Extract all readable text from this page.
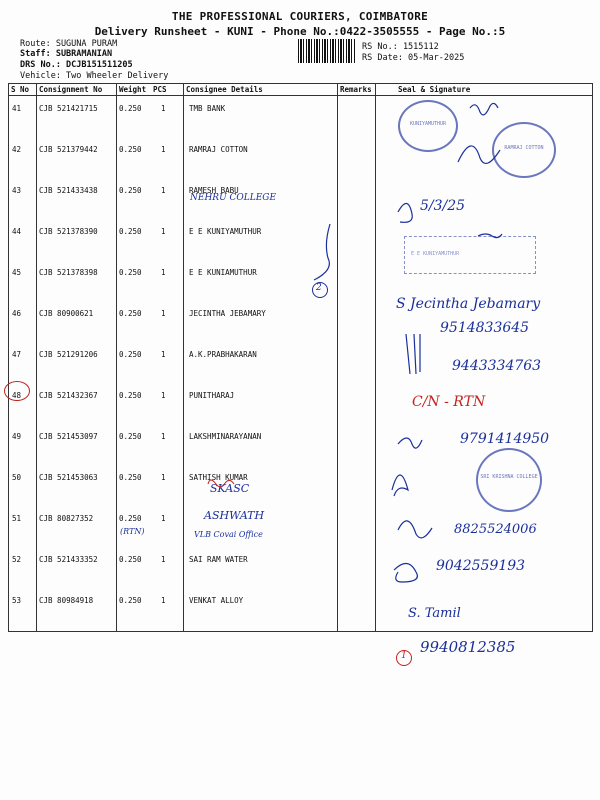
THE PROFESSIONAL COURIERS, COIMBATORE
Delivery Runsheet - KUNI - Phone No.:0422-3505555 - Page No.:5
Route: SUGUNA PURAM
Staff: SUBRAMANIAN
DRS No.: DCJB151511205
Vehicle: Two Wheeler Delivery
RS No.: 1515112
RS Date: 05-Mar-2025
S No Consignment No Weight PCS	Consignee Details	Remarks	Seal & Signature
41 CJB 521421715	0.250	1	TMB BANK
42 CJB 521379442	0.250	1	RAMRAJ COTTON
43 CJB 521433438	0.250	1	RAMESH BABU
44 CJB 521378390	0.250	1	E E KUNIYAMUTHUR
45 CJB 521378398	0.250	1	E E KUNIAMUTHUR
46 CJB 80900621	0.250	1	JECINTHA JEBAMARY
47 CJB 521291206	0.250	1	A.K.PRABHAKARAN
48 CJB 521432367	0.250	1	PUNITHARAJ
49 CJB 521453097	0.250	1	LAKSHMINARAYANAN
50 CJB 521453063	0.250	1	SATHISH KUMAR
51 CJB 80827352	0.250	1
52 CJB 521433352	0.250	1	SAI RAM WATER
53 CJB 80984918	0.250	1	VENKAT ALLOY
KUNIYAMUTHUR
RAMRAJ COTTON
SRI KRISHNA COLLEGE
E E KUNIYAMUTHUR
NEHRU COLLEGE	5/3/25
2
S Jecintha Jebamary
9514833645
9443334763
C/N - RTN
9791414950
SKASC
(RTN)
ASHWATH
VLB Covai Office	8825524006
9042559193
S. Tamil
9940812385
1
